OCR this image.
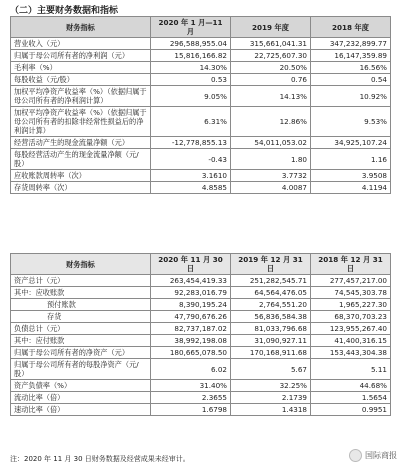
（二）主要财务数据和指标
财务指标	2020 年 1 月—11 月	2019 年度	2018 年度
营业收入（元）	296,588,955.04	315,661,041.31	347,232,899.77
归属于母公司所有者的净利润（元）	15,816,166.82	22,725,607.30	16,147,359.89
毛利率（%）	14.30%	20.50%	16.56%
每股收益（元/股）	0.53	0.76	0.54
加权平均净资产收益率（%）（依据归属于母公司所有者的净利润计算）	9.05%	14.13%	10.92%
加权平均净资产收益率（%）（依据归属于母公司所有者的扣除非经常性损益后的净利润计算）	6.31%	12.86%	9.53%
经营活动产生的现金流量净额（元）	-12,778,855.13	54,011,053.02	34,925,107.24
每股经营活动产生的现金流量净额（元/股）	-0.43	1.80	1.16
应收账款周转率（次）	3.1610	3.7732	3.9508
存货周转率（次）	4.8585	4.0087	4.1194
财务指标	2020 年 11 月 30 日	2019 年 12 月 31 日	2018 年 12 月 31 日
资产总计（元）	263,454,419.33	251,282,545.71	277,457,217.00
其中：应收账款	92,283,016.79	64,564,476.05	74,545,303.78
预付账款	8,390,195.24	2,764,551.20	1,965,227.30
存货	47,790,676.26	56,836,584.38	68,370,703.23
负债总计（元）	82,737,187.02	81,033,796.68	123,955,267.40
其中：应付账款	38,992,198.08	31,090,927.11	41,400,316.15
归属于母公司所有者的净资产（元）	180,665,078.50	170,168,911.68	153,443,304.38
归属于母公司所有者的每股净资产（元/股）	6.02	5.67	5.11
资产负债率（%）	31.40%	32.25%	44.68%
流动比率（倍）	2.3655	2.1739	1.5654
速动比率（倍）	1.6798	1.4318	0.9951
注：2020 年 11 月 30 日财务数据及经营成果未经审计。	国际商报
